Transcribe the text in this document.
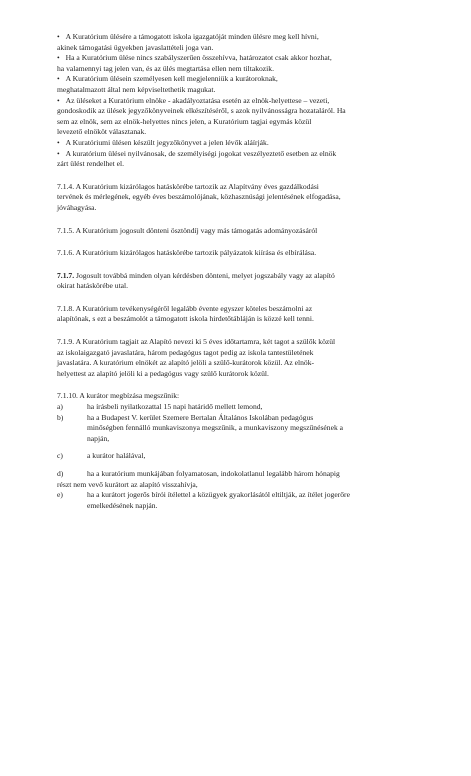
• A Kuratórium ülésére a támogatott iskola igazgatóját minden ülésre meg kell hívni,
akinek támogatási ügyekben javaslattételi joga van.
• Ha a Kuratórium ülése nincs szabályszerűen összehívva, határozatot csak akkor hozhat,
ha valamennyi tag jelen van, és az ülés megtartása ellen nem tiltakozik.
• A Kuratórium ülésein személyesen kell megjelenniük a kurátoroknak,
meghatalmazott által nem képviseltethetik magukat.
• Az üléseket a Kuratórium elnöke - akadályoztatása esetén az elnök-helyettese – vezeti,
gondoskodik az ülések jegyzőkönyveinek elkészítéséről, s azok nyilvánosságra hozataláról. Ha
sem az elnök, sem az elnök-helyettes nincs jelen, a Kuratórium tagjai egymás közül
levezető elnököt választanak.
• A Kuratóriumi ülésen készült jegyzőkönyvet a jelen lévők aláírják.
• A kuratórium ülései nyilvánosak, de személyiségi jogokat veszélyeztető esetben az elnök
zárt ülést rendelhet el.
7.1.4. A Kuratórium kizárólagos hatáskörébe tartozik az Alapítvány éves gazdálkodási
tervének és mérlegének, egyéb éves beszámolójának, közhasznúsági jelentésének elfogadása,
jóváhagyása.
7.1.5. A Kuratórium jogosult dönteni ösztöndíj vagy más támogatás adományozásáról
7.1.6. A Kuratórium kizárólagos hatáskörébe tartozik pályázatok kiírása és elbírálása.
7.1.7. Jogosult továbbá minden olyan kérdésben dönteni, melyet jogszabály vagy az alapító
okirat hatáskörébe utal.
7.1.8. A Kuratórium tevékenységéről legalább évente egyszer köteles beszámolni az
alapítónak, s ezt a beszámolót a támogatott iskola hirdetőtábláján is közzé kell tenni.
7.1.9. A Kuratórium tagjait az Alapító nevezi ki 5 éves időtartamra, két tagot a szülők közül
az iskolaigazgató javaslatára, három pedagógus tagot pedig az iskola tantestületének
javaslatára. A kuratórium elnökét az alapító jelöli a szülő-kurátorok közül. Az elnök-
helyettest az alapító jelöli ki a pedagógus vagy szülő kurátorok közül.
7.1.10. A kurátor megbízása megszűnik:
a)	ha írásbeli nyilatkozattal 15 napi határidő mellett lemond,
b)	ha a Budapest V. kerület Szemere Bertalan Általános Iskolában pedagógus
minőségben fennálló munkaviszonya megszűnik, a munkaviszony megszűnésének a
napján,
c)	a kurátor halálával,
d)	ha a kuratórium munkájában folyamatosan, indokolatlanul legalább három hónapig
részt nem vevő kurátort az alapító visszahívja,
e)	ha a kurátort jogerős bírói ítélettel a közügyek gyakorlásától eltiltják, az ítélet jogerőre
emelkedésének napján.
